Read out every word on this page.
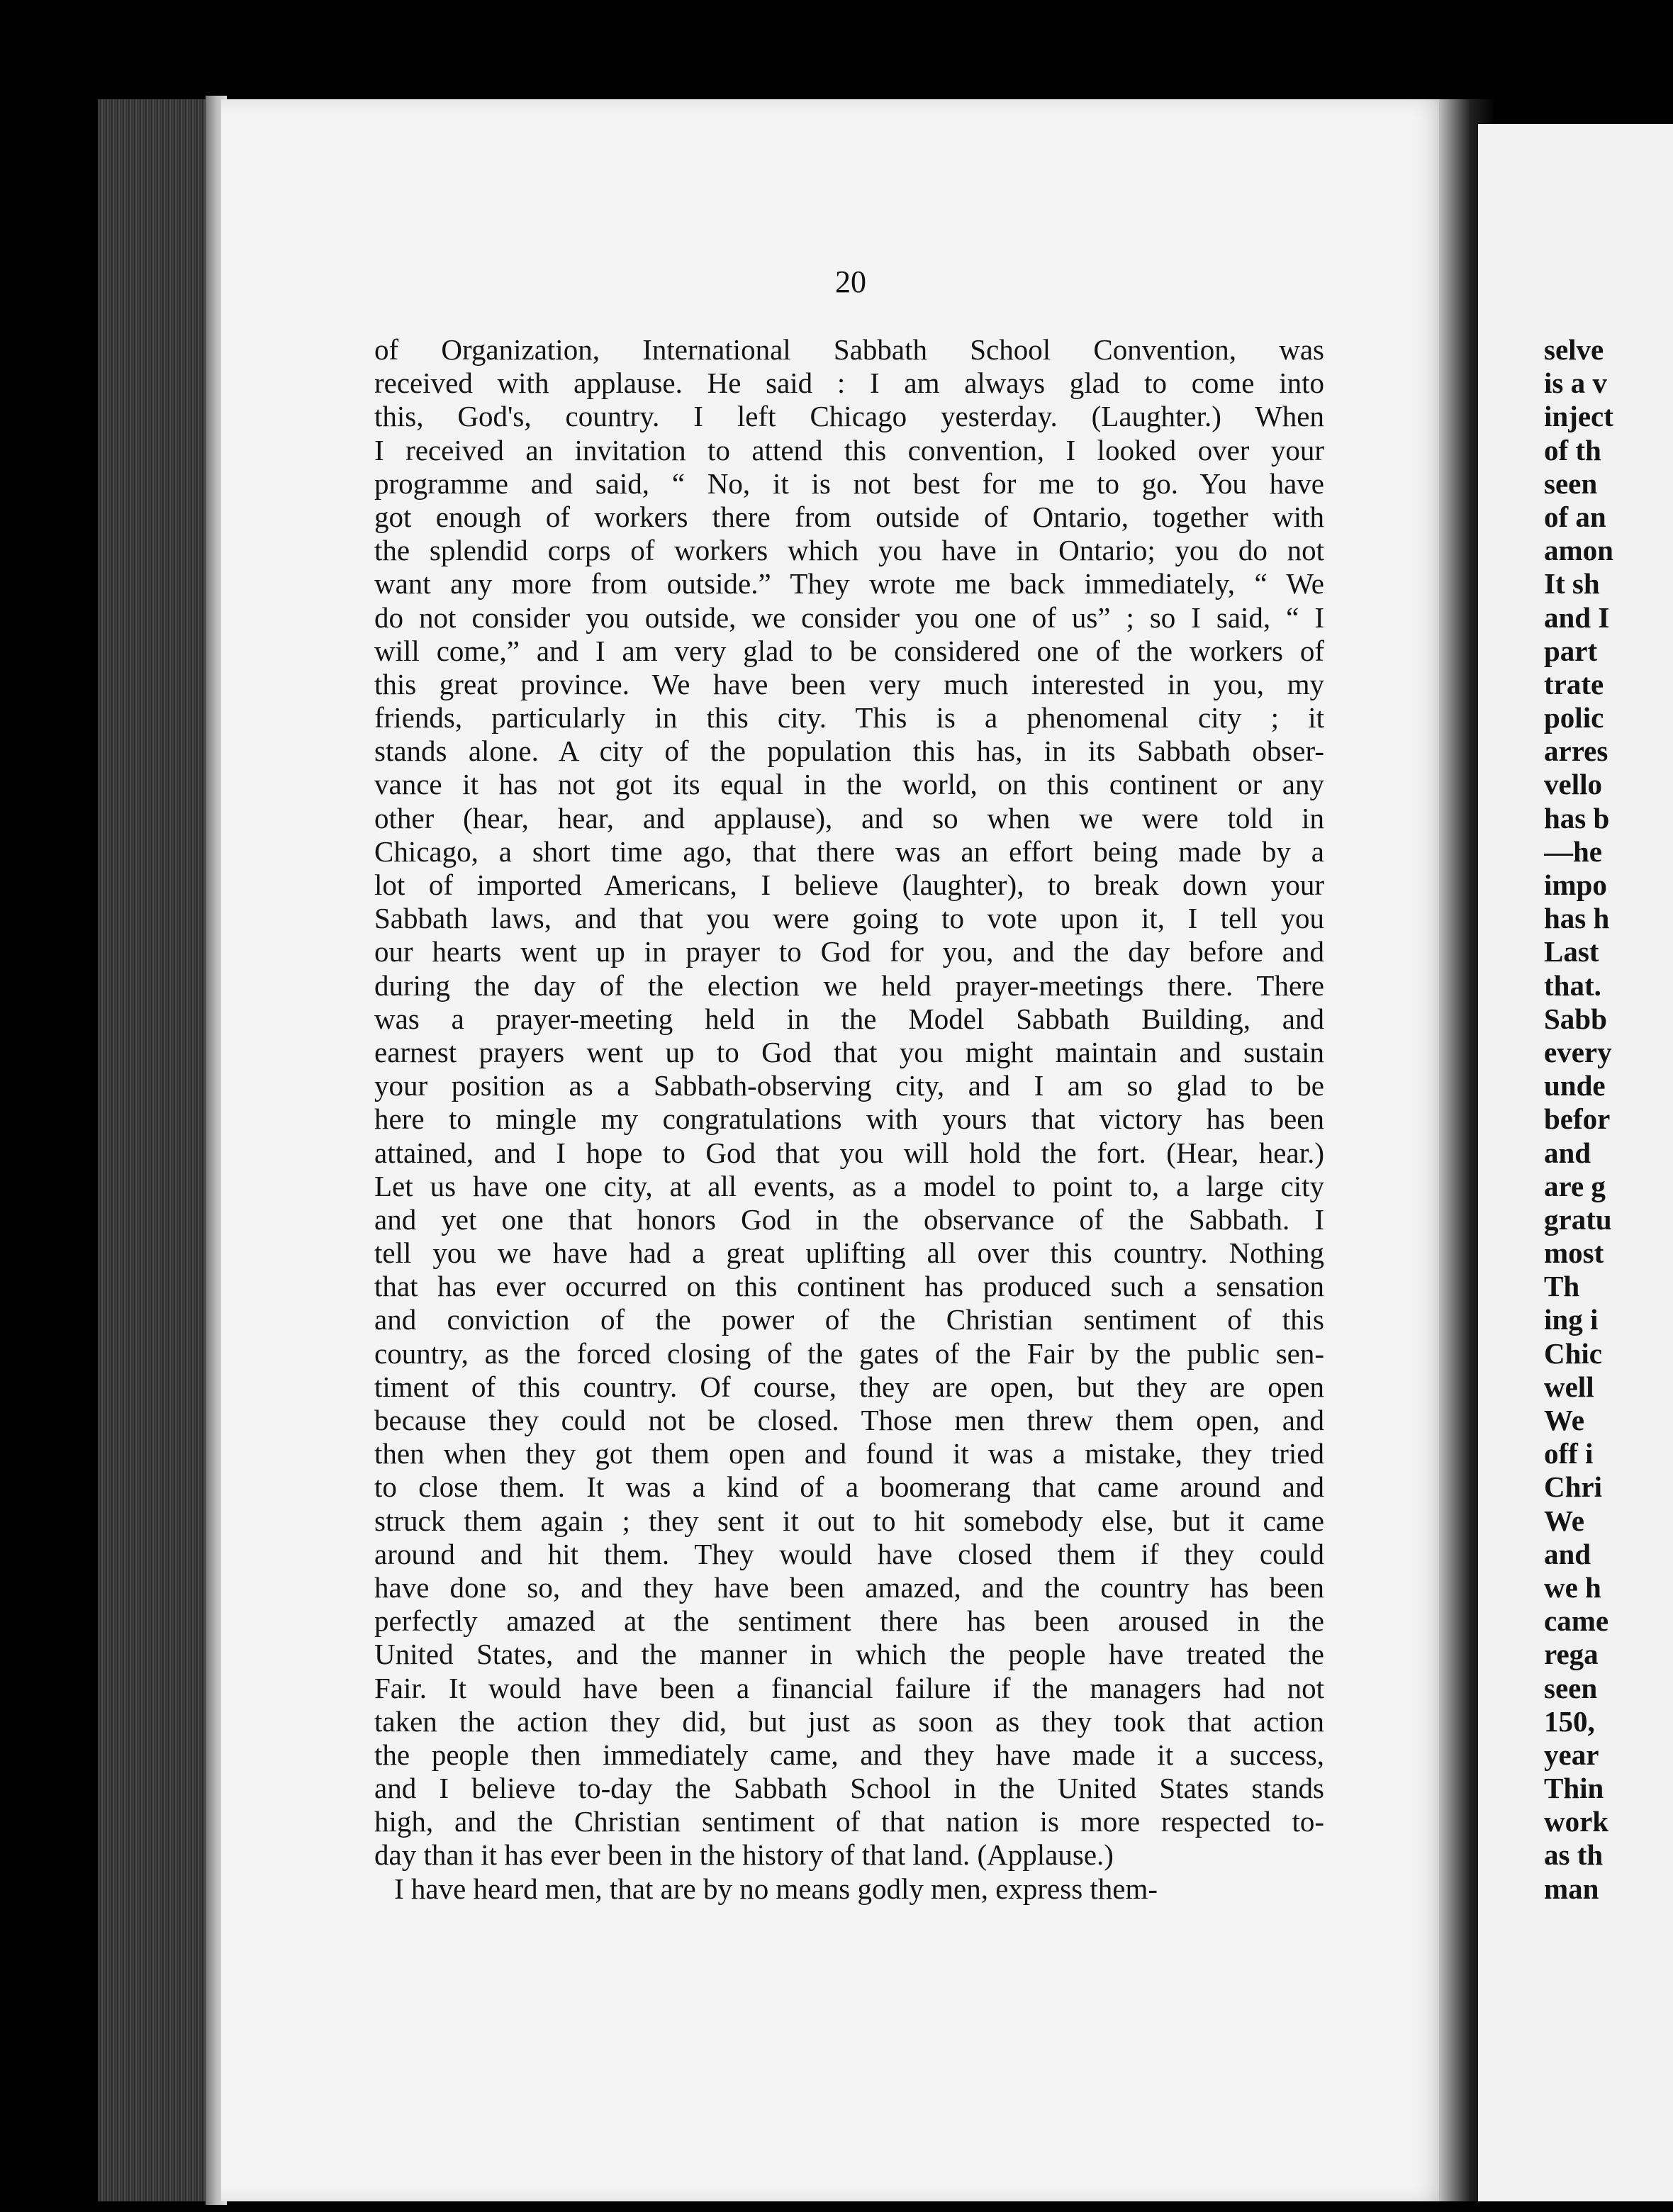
20
of Organization, International Sabbath School Convention, was
received with applause. He said : I am always glad to come into
this, God's, country. I left Chicago yesterday. (Laughter.) When
I received an invitation to attend this convention, I looked over your
programme and said, “ No, it is not best for me to go. You have
got enough of workers there from outside of Ontario, together with
the splendid corps of workers which you have in Ontario; you do not
want any more from outside.” They wrote me back immediately, “ We
do not consider you outside, we consider you one of us” ; so I said, “ I
will come,” and I am very glad to be considered one of the workers of
this great province. We have been very much interested in you, my
friends, particularly in this city. This is a phenomenal city ; it
stands alone. A city of the population this has, in its Sabbath obser-
vance it has not got its equal in the world, on this continent or any
other (hear, hear, and applause), and so when we were told in
Chicago, a short time ago, that there was an effort being made by a
lot of imported Americans, I believe (laughter), to break down your
Sabbath laws, and that you were going to vote upon it, I tell you
our hearts went up in prayer to God for you, and the day before and
during the day of the election we held prayer-meetings there. There
was a prayer-meeting held in the Model Sabbath Building, and
earnest prayers went up to God that you might maintain and sustain
your position as a Sabbath-observing city, and I am so glad to be
here to mingle my congratulations with yours that victory has been
attained, and I hope to God that you will hold the fort. (Hear, hear.)
Let us have one city, at all events, as a model to point to, a large city
and yet one that honors God in the observance of the Sabbath. I
tell you we have had a great uplifting all over this country. Nothing
that has ever occurred on this continent has produced such a sensation
and conviction of the power of the Christian sentiment of this
country, as the forced closing of the gates of the Fair by the public sen-
timent of this country. Of course, they are open, but they are open
because they could not be closed. Those men threw them open, and
then when they got them open and found it was a mistake, they tried
to close them. It was a kind of a boomerang that came around and
struck them again ; they sent it out to hit somebody else, but it came
around and hit them. They would have closed them if they could
have done so, and they have been amazed, and the country has been
perfectly amazed at the sentiment there has been aroused in the
United States, and the manner in which the people have treated the
Fair. It would have been a financial failure if the managers had not
taken the action they did, but just as soon as they took that action
the people then immediately came, and they have made it a success,
and I believe to-day the Sabbath School in the United States stands
high, and the Christian sentiment of that nation is more respected to-
day than it has ever been in the history of that land. (Applause.)
I have heard men, that are by no means godly men, express them-
selve
is a v
inject
of th
seen
of an
amon
It sh
and I
part
trate
polic
arres
vello
has b
—he
impo
has h
Last
that.
Sabb
every
unde
befor
and
are g
gratu
most
Th
ing i
Chic
well
We
off i
Chri
We
and
we h
came
rega
seen
150,
year
Thin
work
as th
man
